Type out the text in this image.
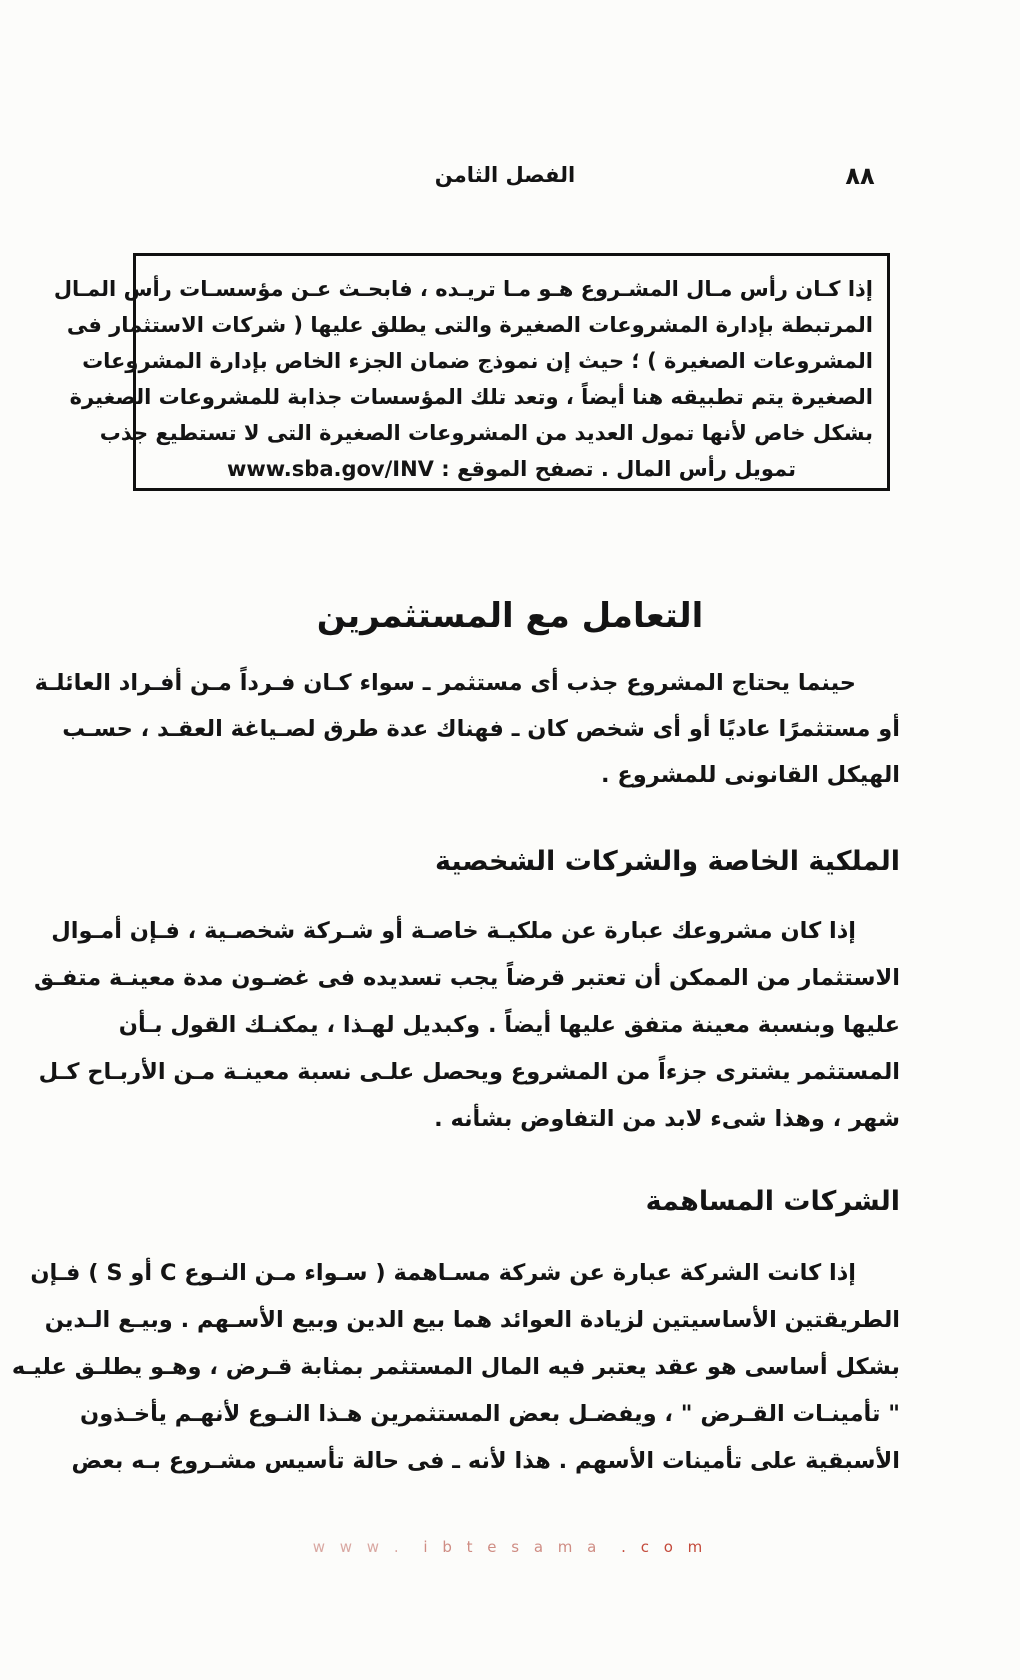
الفصل الثامن	٨٨
إذا كـان رأس مـال المشـروع هـو مـا تريـده ، فابحـث عـن مؤسسـات رأس المـال
المرتبطة بإدارة المشروعات الصغيرة والتى يطلق عليها ( شركات الاستثمار فى
المشروعات الصغيرة ) ؛ حيث إن نموذج ضمان الجزء الخاص بإدارة المشروعات
الصغيرة يتم تطبيقه هنا أيضاً ، وتعد تلك المؤسسات جذابة للمشروعات الصغيرة
بشكل خاص لأنها تمول العديد من المشروعات الصغيرة التى لا تستطيع جذب
تمويل رأس المال . تصفح الموقع : www.sba.gov/INV
التعامل مع المستثمرين
حينما يحتاج المشروع جذب أى مستثمر ـ سواء كـان فـرداً مـن أفـراد العائلـة
أو مستثمرًا عاديًا أو أى شخص كان ـ فهناك عدة طرق لصـياغة العقـد ، حسـب
الهيكل القانونى للمشروع .
الملكية الخاصة والشركات الشخصية
إذا كان مشروعك عبارة عن ملكيـة خاصـة أو شـركة شخصـية ، فـإن أمـوال
الاستثمار من الممكن أن تعتبر قرضاً يجب تسديده فى غضـون مدة معينـة متفـق
عليها وبنسبة معينة متفق عليها أيضاً . وكبديل لهـذا ، يمكنـك القول بـأن
المستثمر يشترى جزءاً من المشروع ويحصل علـى نسبة معينـة مـن الأربـاح كـل
شهر ، وهذا شىء لابد من التفاوض بشأنه .
الشركات المساهمة
إذا كانت الشركة عبارة عن شركة مسـاهمة ( سـواء مـن النـوع C أو S ) فـإن
الطريقتين الأساسيتين لزيادة العوائد هما بيع الدين وبيع الأسـهم . وبيـع الـدين
بشكل أساسى هو عقد يعتبر فيه المال المستثمر بمثابة قـرض ، وهـو يطلـق عليـه
" تأمينـات القـرض " ، ويفضـل بعض المستثمرين هـذا النـوع لأنهـم يأخـذون
الأسبقية على تأمينات الأسهم . هذا لأنه ـ فى حالة تأسيس مشـروع بـه بعض
w w w . i b t e s a m a . c o m
